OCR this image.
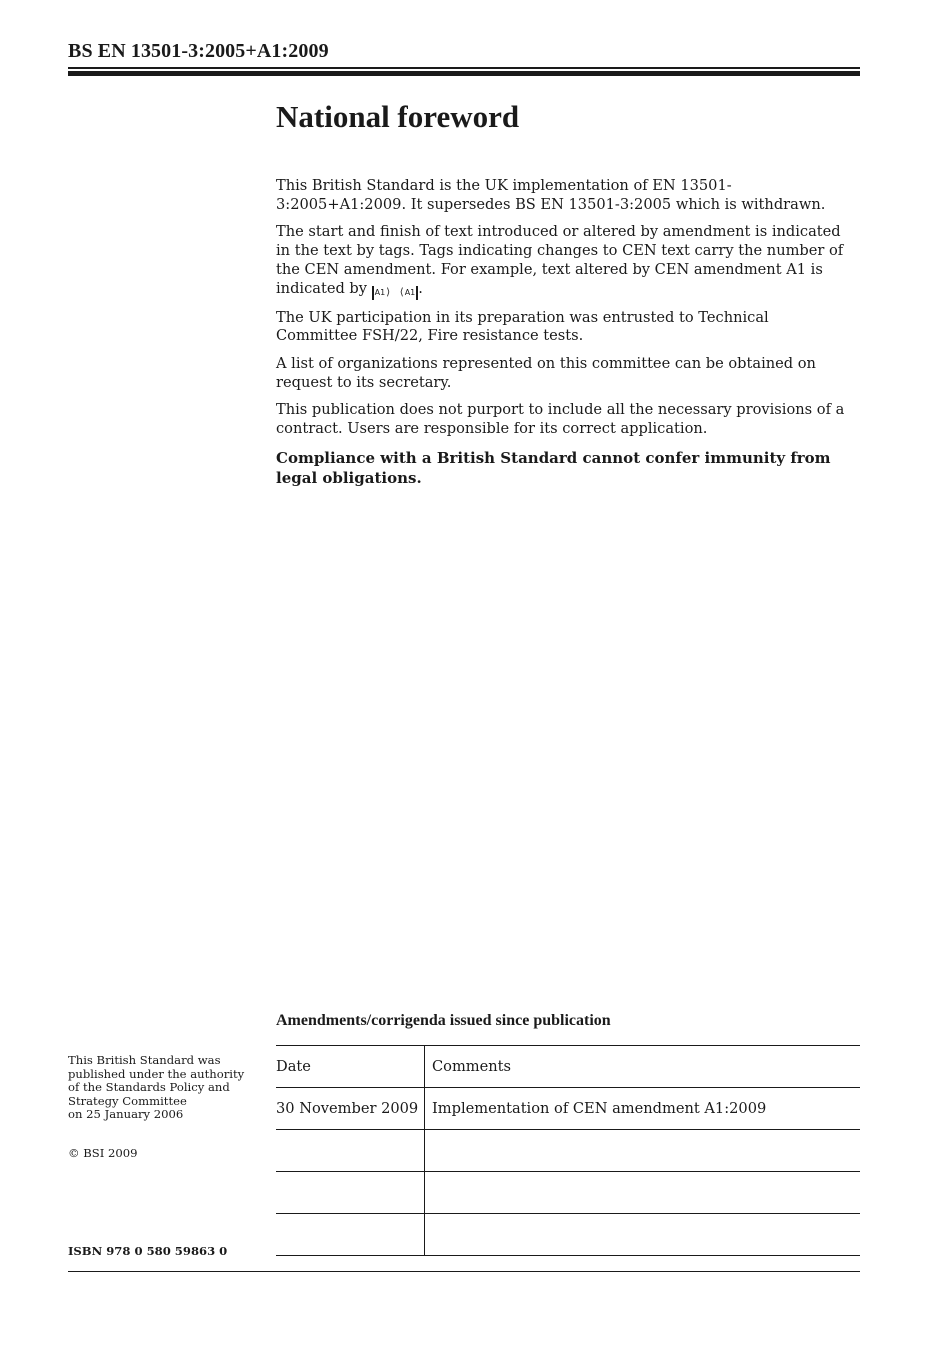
BS EN 13501-3:2005+A1:2009
National foreword

This British Standard is the UK implementation of EN 13501-3:2005+A1:2009. It supersedes BS EN 13501-3:2005 which is withdrawn.

The start and finish of text introduced or altered by amendment is indicated in the text by tags. Tags indicating changes to CEN text carry the number of the CEN amendment. For example, text altered by CEN amendment A1 is indicated by A1 ⟩ ⟨ A1 .

The UK participation in its preparation was entrusted to Technical Committee FSH/22, Fire resistance tests.

A list of organizations represented on this committee can be obtained on request to its secretary.

This publication does not purport to include all the necessary provisions of a contract. Users are responsible for its correct application.

Compliance with a British Standard cannot confer immunity from legal obligations.

Amendments/corrigenda issued since publication
Date	Comments
30 November 2009	Implementation of CEN amendment A1:2009

This British Standard was
published under the authority
of the Standards Policy and
Strategy Committee
on 25 January 2006
© BSI 2009
ISBN 978 0 580 59863 0
